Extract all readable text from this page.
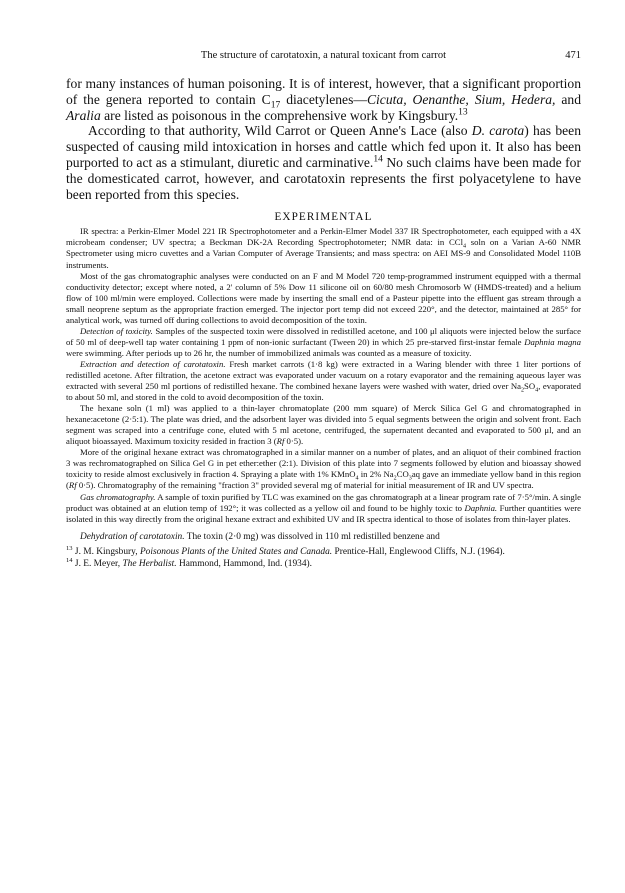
The structure of carotatoxin, a natural toxicant from carrot	471

for many instances of human poisoning. It is of interest, however, that a significant proportion of the genera reported to contain $C_{17}$ diacetylenes—Cicuta, Oenanthe, Sium, Hedera, and Aralia are listed as poisonous in the comprehensive work by Kingsbury.$^{13}$

According to that authority, Wild Carrot or Queen Anne's Lace (also D. carota) has been suspected of causing mild intoxication in horses and cattle which fed upon it. It also has been purported to act as a stimulant, diuretic and carminative.$^{14}$ No such claims have been made for the domesticated carrot, however, and carotatoxin represents the first polyacetylene to have been reported from this species.

EXPERIMENTAL

IR spectra: a Perkin-Elmer Model 221 IR Spectrophotometer and a Perkin-Elmer Model 337 IR Spectrophotometer, each equipped with a 4X microbeam condenser; UV spectra; a Beckman DK-2A Recording Spectrophotometer; NMR data: in CCl$_4$ soln on a Varian A-60 NMR Spectrometer using micro cuvettes and a Varian Computer of Average Transients; and mass spectra: on AEI MS-9 and Consolidated Model 110B instruments.

Most of the gas chromatographic analyses were conducted on an F and M Model 720 temp-programmed instrument equipped with a thermal conductivity detector; except where noted, a 2' column of 5% Dow 11 silicone oil on 60/80 mesh Chromosorb W (HMDS-treated) and a helium flow of 100 ml/min were employed. Collections were made by inserting the small end of a Pasteur pipette into the effluent gas stream through a small neoprene septum as the appropriate fraction emerged. The injector port temp did not exceed 220°, and the detector, maintained at 285° for analytical work, was turned off during collections to avoid decomposition of the toxin.

Detection of toxicity. Samples of the suspected toxin were dissolved in redistilled acetone, and 100 μl aliquots were injected below the surface of 50 ml of deep-well tap water containing 1 ppm of non-ionic surfactant (Tween 20) in which 25 pre-starved first-instar female Daphnia magna were swimming. After periods up to 26 hr, the number of immobilized animals was counted as a measure of toxicity.

Extraction and detection of carotatoxin. Fresh market carrots (1·8 kg) were extracted in a Waring blender with three 1 liter portions of redistilled acetone. After filtration, the acetone extract was evaporated under vacuum on a rotary evaporator and the remaining aqueous layer was extracted with several 250 ml portions of redistilled hexane. The combined hexane layers were washed with water, dried over $Na_2SO_4$, evaporated to about 50 ml, and stored in the cold to avoid decomposition of the toxin.

The hexane soln (1 ml) was applied to a thin-layer chromatoplate (200 mm square) of Merck Silica Gel G and chromatographed in hexane:acetone (2·5:1). The plate was dried, and the adsorbent layer was divided into 5 equal segments between the origin and solvent front. Each segment was scraped into a centrifuge cone, eluted with 5 ml acetone, centrifuged, the supernatent decanted and evaporated to 500 μl, and an aliquot bioassayed. Maximum toxicity resided in fraction 3 (Rf 0·5).

More of the original hexane extract was chromatographed in a similar manner on a number of plates, and an aliquot of their combined fraction 3 was rechromatographed on Silica Gel G in pet ether:ether (2:1). Division of this plate into 7 segments followed by elution and bioassay showed toxicity to reside almost exclusively in fraction 4. Spraying a plate with 1% KMnO$_4$ in 2% $Na_2CO_3aq$ gave an immediate yellow band in this region (Rf 0·5). Chromatography of the remaining "fraction 3" provided several mg of material for initial measurement of IR and UV spectra.

Gas chromatography. A sample of toxin purified by TLC was examined on the gas chromatograph at a linear program rate of 7·5°/min. A single product was obtained at an elution temp of 192°; it was collected as a yellow oil and found to be highly toxic to Daphnia. Further quantities were isolated in this way directly from the original hexane extract and exhibited UV and IR spectra identical to those of isolates from thin-layer plates.

Dehydration of carotatoxin. The toxin (2·0 mg) was dissolved in 110 ml redistilled benzene and

$^{13}$ J. M. Kingsbury, Poisonous Plants of the United States and Canada. Prentice-Hall, Englewood Cliffs, N.J. (1964).

$^{14}$ J. E. Meyer, The Herbalist. Hammond, Hammond, Ind. (1934).
